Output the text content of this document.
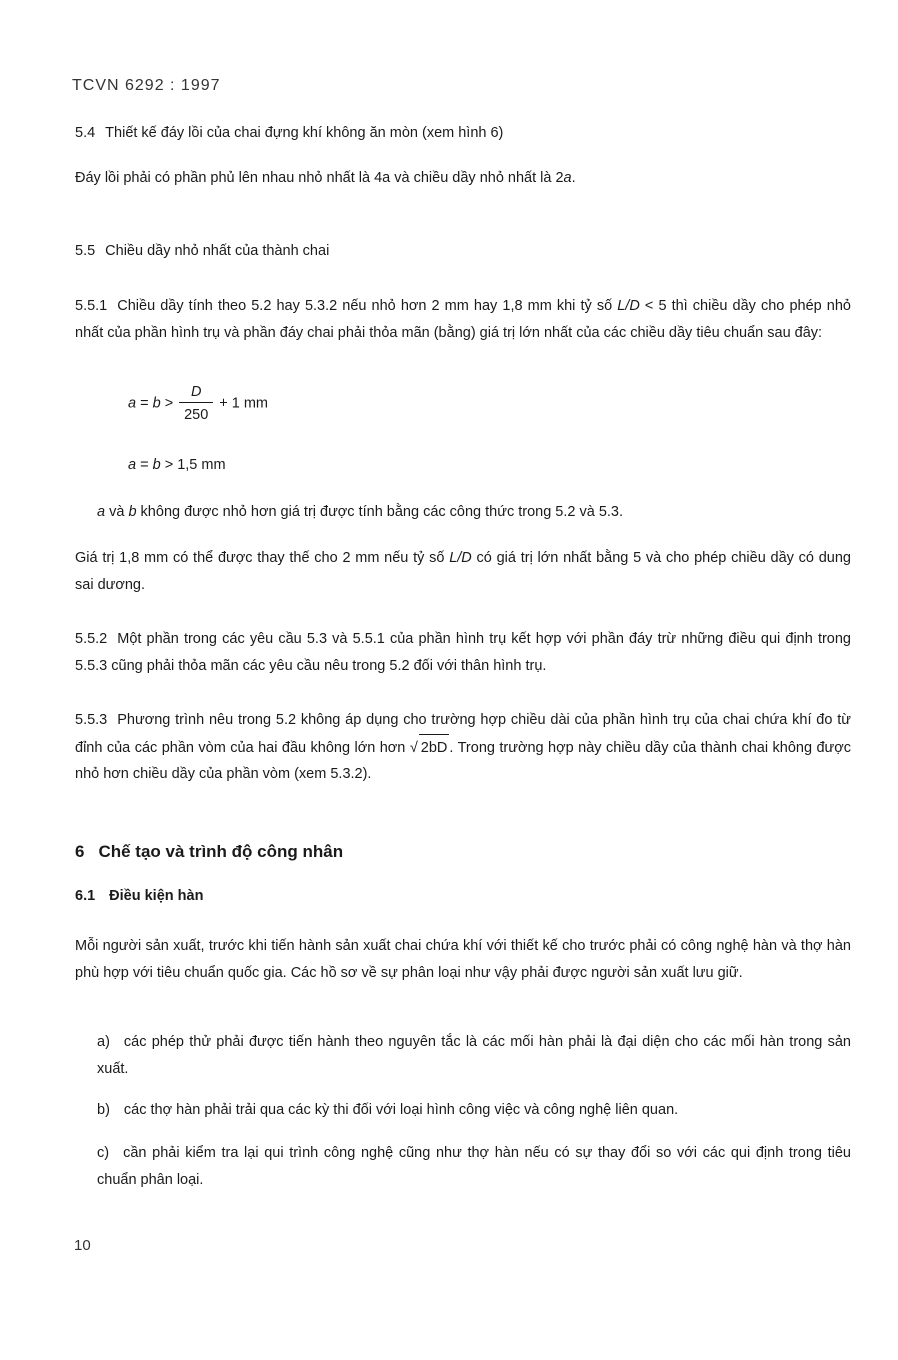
TCVN 6292 : 1997
5.4 Thiết kế đáy lồi của chai đựng khí không ăn mòn (xem hình 6)
Đáy lồi phải có phần phủ lên nhau nhỏ nhất là 4a và chiều dầy nhỏ nhất là 2a.
5.5 Chiều dầy nhỏ nhất của thành chai
5.5.1 Chiều dầy tính theo 5.2 hay 5.3.2 nếu nhỏ hơn 2 mm hay 1,8 mm khi tỷ số L/D < 5 thì chiều dầy cho phép nhỏ nhất của phần hình trụ và phần đáy chai phải thỏa mãn (bằng) giá trị lớn nhất của các chiều dầy tiêu chuẩn sau đây:
$a = b > \frac{D}{250} + 1$ mm
a = b > 1,5 mm
a và b không được nhỏ hơn giá trị được tính bằng các công thức trong 5.2 và 5.3.
Giá trị 1,8 mm có thể được thay thế cho 2 mm nếu tỷ số L/D có giá trị lớn nhất bằng 5 và cho phép chiều dầy có dung sai dương.
5.5.2 Một phần trong các yêu cầu 5.3 và 5.5.1 của phần hình trụ kết hợp với phần đáy trừ những điều qui định trong 5.5.3 cũng phải thỏa mãn các yêu cầu nêu trong 5.2 đối với thân hình trụ.
5.5.3 Phương trình nêu trong 5.2 không áp dụng cho trường hợp chiều dài của phần hình trụ của chai chứa khí đo từ đỉnh của các phần vòm của hai đầu không lớn hơn √ 2bD . Trong trường hợp này chiều dầy của thành chai không được nhỏ hơn chiều dầy của phần vòm (xem 5.3.2).
6 Chế tạo và trình độ công nhân
6.1 Điều kiện hàn
Mỗi người sản xuất, trước khi tiến hành sản xuất chai chứa khí với thiết kế cho trước phải có công nghệ hàn và thợ hàn phù hợp với tiêu chuẩn quốc gia. Các hồ sơ về sự phân loại như vậy phải được người sản xuất lưu giữ.
a) các phép thử phải được tiến hành theo nguyên tắc là các mối hàn phải là đại diện cho các mối hàn trong sản xuất.
b) các thợ hàn phải trải qua các kỳ thi đối với loại hình công việc và công nghệ liên quan.
c) cần phải kiểm tra lại qui trình công nghệ cũng như thợ hàn nếu có sự thay đổi so với các qui định trong tiêu chuẩn phân loại.
10
